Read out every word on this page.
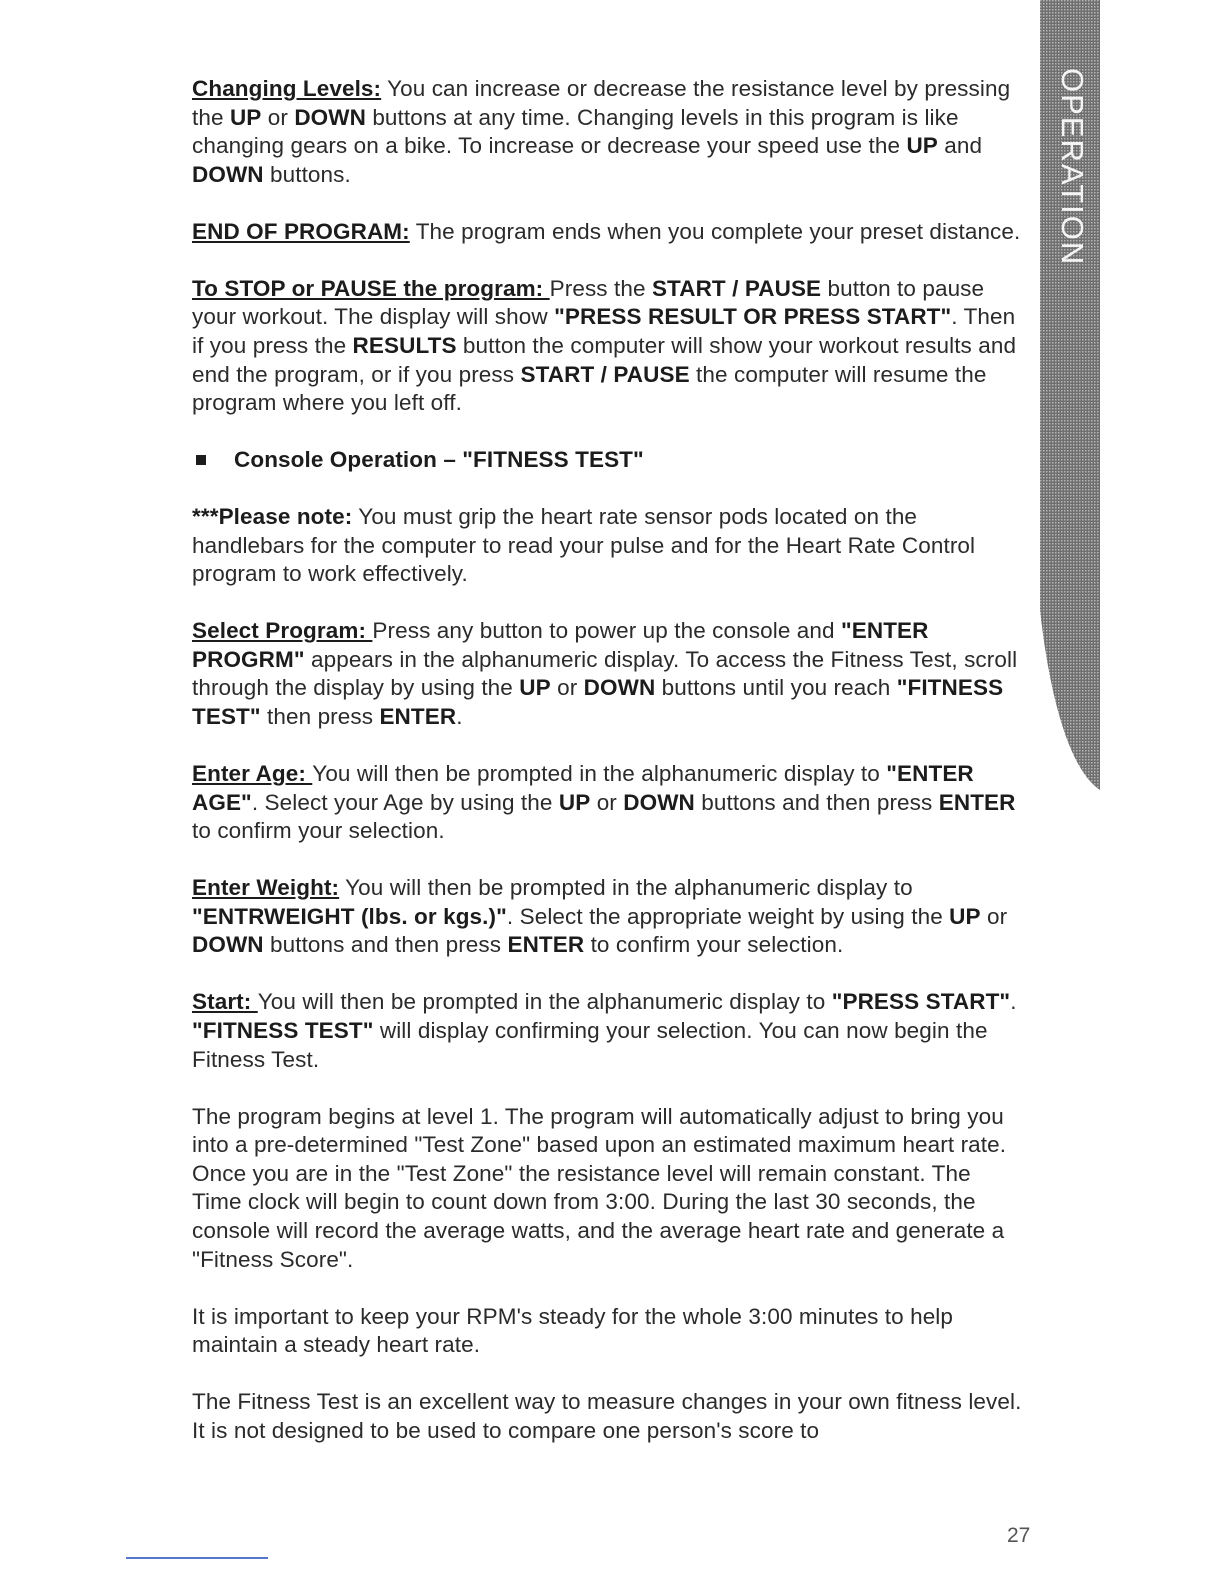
OPERATION

Changing Levels: You can increase or decrease the resistance level by pressing the UP or DOWN buttons at any time. Changing levels in this program is like changing gears on a bike. To increase or decrease your speed use the UP and DOWN buttons.

END OF PROGRAM: The program ends when you complete your preset distance.

To STOP or PAUSE the program: Press the START / PAUSE button to pause your workout. The display will show "PRESS RESULT OR PRESS START". Then if you press the RESULTS button the computer will show your workout results and end the program, or if you press START / PAUSE the computer will resume the program where you left off.

Console Operation – "FITNESS TEST"

***Please note: You must grip the heart rate sensor pods located on the handlebars for the computer to read your pulse and for the Heart Rate Control program to work effectively.

Select Program: Press any button to power up the console and "ENTER PROGRM" appears in the alphanumeric display. To access the Fitness Test, scroll through the display by using the UP or DOWN buttons until you reach "FITNESS TEST" then press ENTER.

Enter Age: You will then be prompted in the alphanumeric display to "ENTER AGE". Select your Age by using the UP or DOWN buttons and then press ENTER to confirm your selection.

Enter Weight: You will then be prompted in the alphanumeric display to "ENTRWEIGHT (lbs. or kgs.)". Select the appropriate weight by using the UP or DOWN buttons and then press ENTER to confirm your selection.

Start: You will then be prompted in the alphanumeric display to "PRESS START". "FITNESS TEST" will display confirming your selection. You can now begin the Fitness Test.

The program begins at level 1. The program will automatically adjust to bring you into a pre-determined "Test Zone" based upon an estimated maximum heart rate. Once you are in the "Test Zone" the resistance level will remain constant. The Time clock will begin to count down from 3:00. During the last 30 seconds, the console will record the average watts, and the average heart rate and generate a "Fitness Score".

It is important to keep your RPM's steady for the whole 3:00 minutes to help maintain a steady heart rate.

The Fitness Test is an excellent way to measure changes in your own fitness level. It is not designed to be used to compare one person's score to

27
